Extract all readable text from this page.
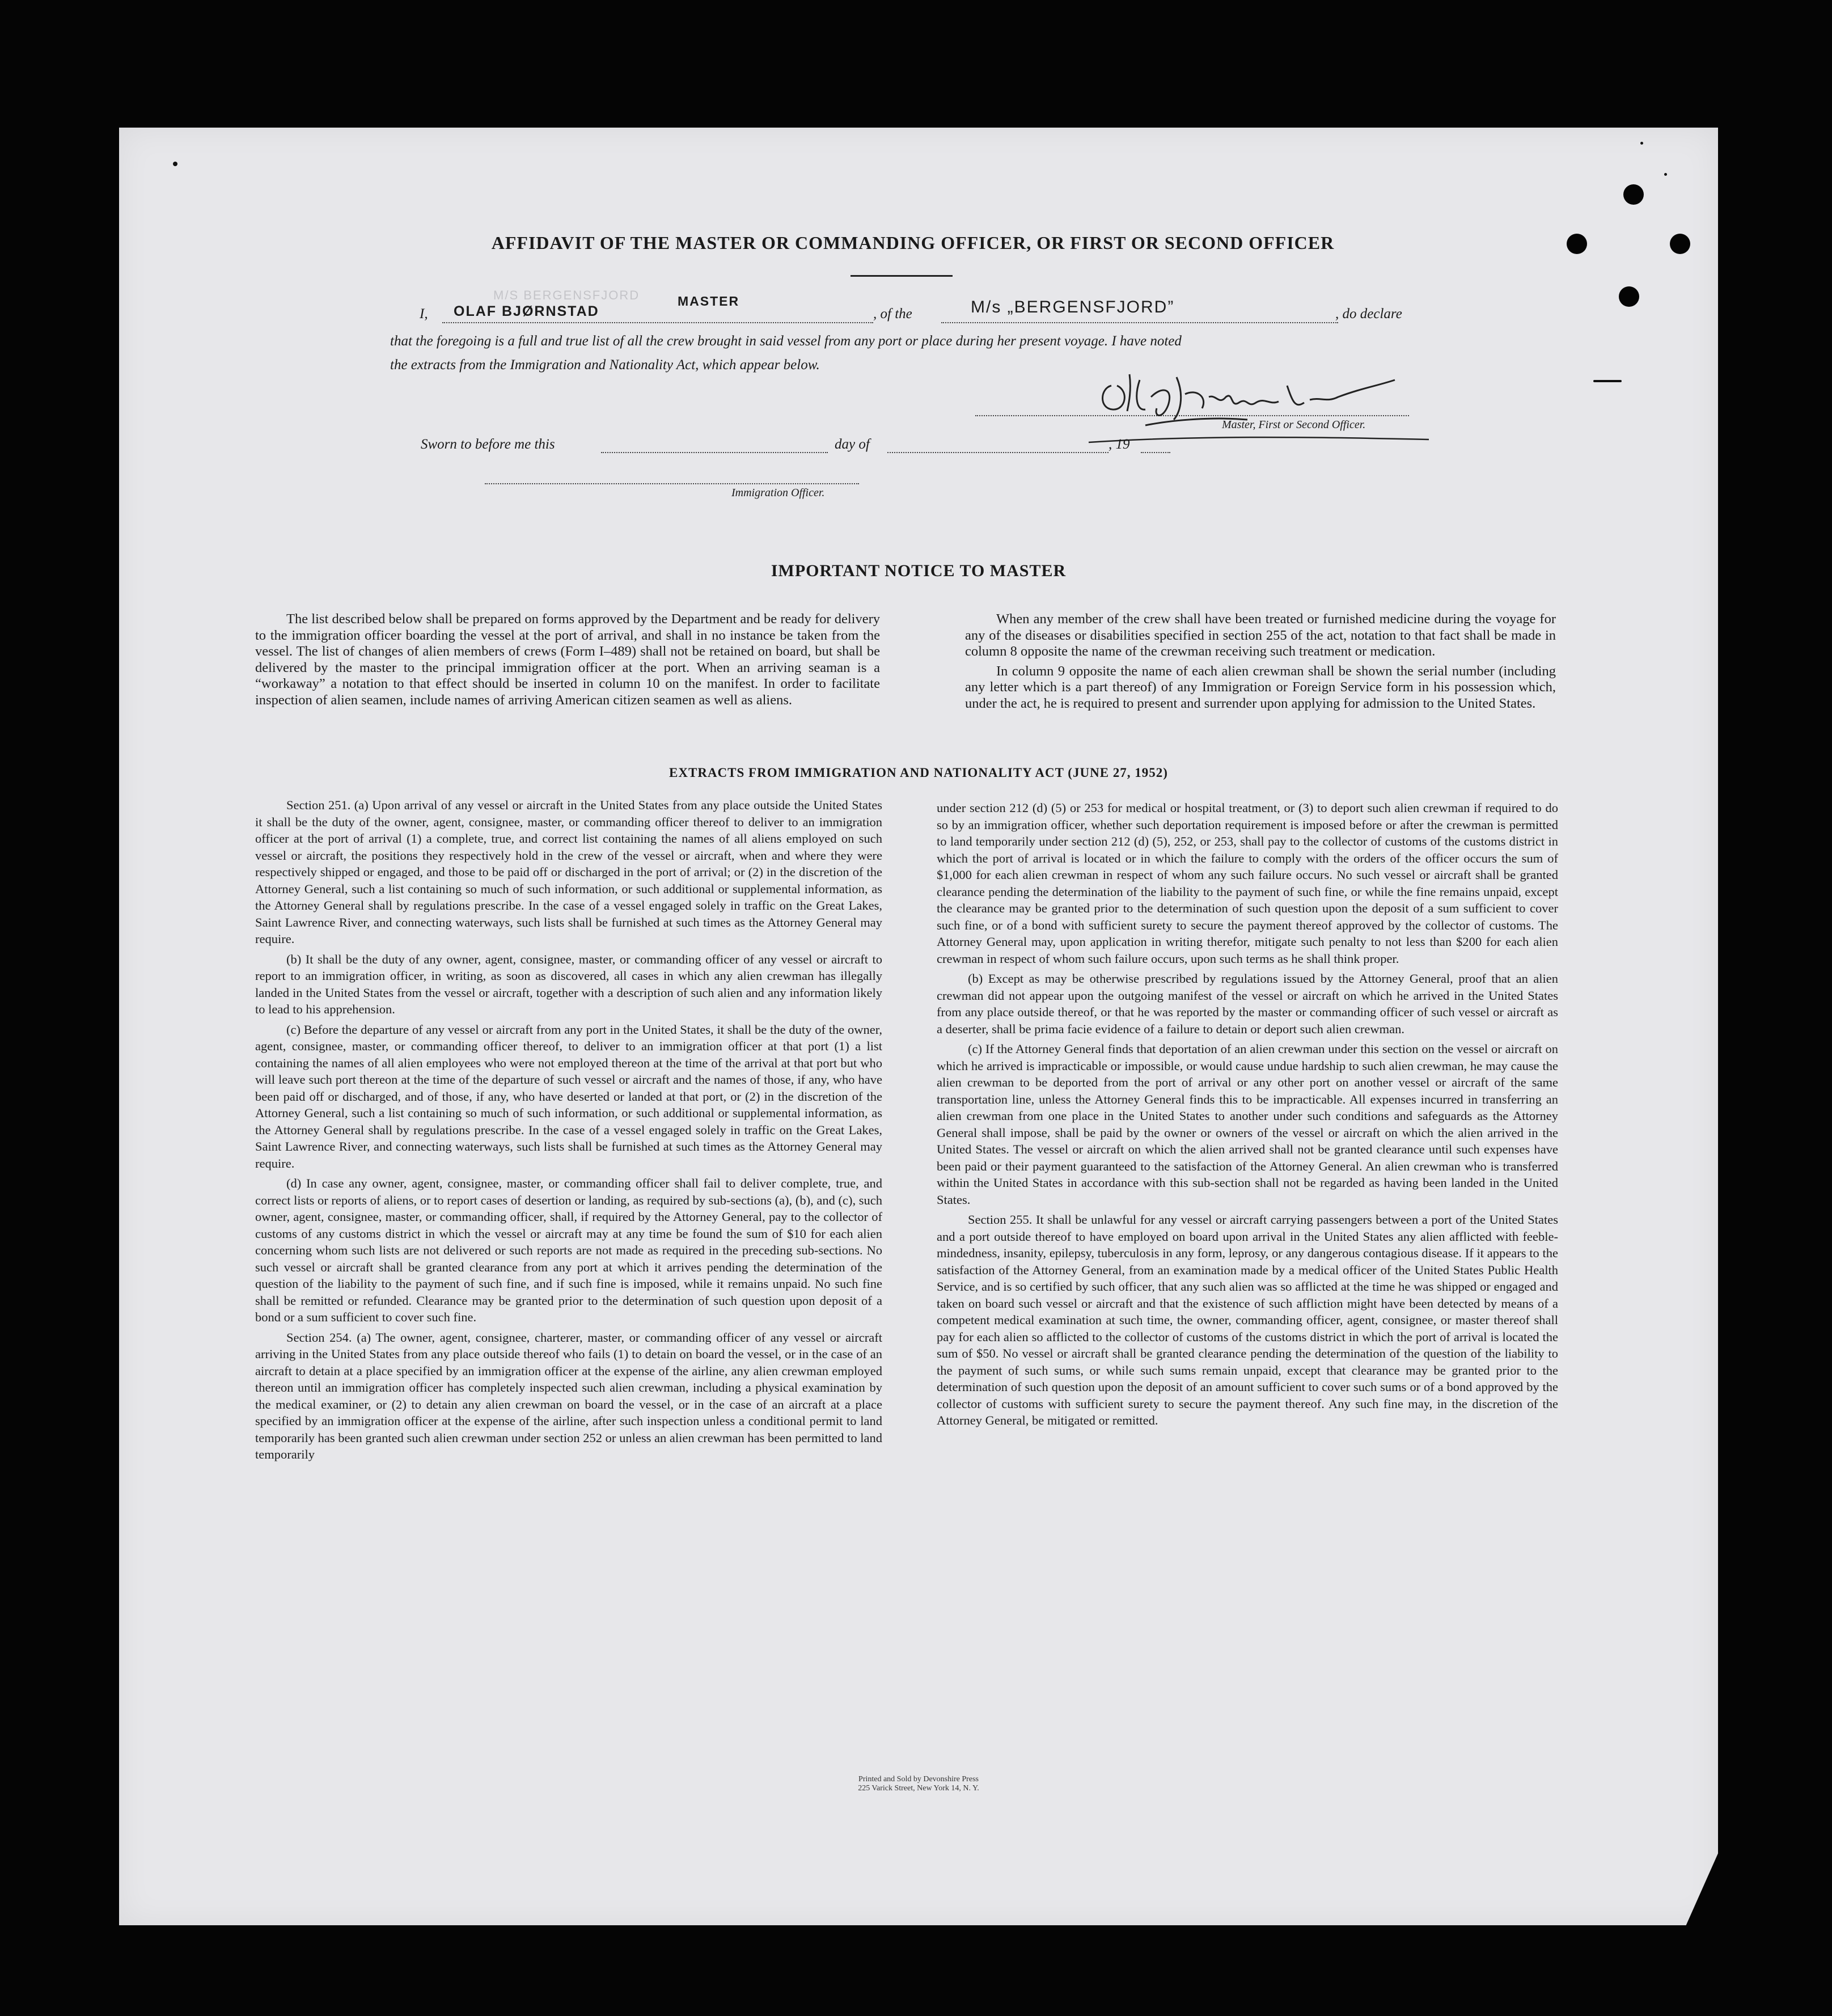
AFFIDAVIT OF THE MASTER OR COMMANDING OFFICER, OR FIRST OR SECOND OFFICER
I,
M/S BERGENSFJORD
OLAF BJØRNSTAD
MASTER
, of the	M/s „BERGENSFJORD”	, do declare
that the foregoing is a full and true list of all the crew brought in said vessel from any port or place during her present voyage. I have noted
the extracts from the Immigration and Nationality Act, which appear below.
Master, First or Second Officer.
Sworn to before me this	day of	, 19
Immigration Officer.
IMPORTANT NOTICE TO MASTER

The list described below shall be prepared on forms approved by the Department and be ready for delivery to the immigration officer boarding the vessel at the port of arrival, and shall in no instance be taken from the vessel. The list of changes of alien members of crews (Form I–489) shall not be retained on board, but shall be delivered by the master to the principal immigration officer at the port. When an arriving seaman is a “workaway” a notation to that effect should be inserted in column 10 on the manifest. In order to facilitate inspection of alien seamen, include names of arriving American citizen seamen as well as aliens.

When any member of the crew shall have been treated or furnished medicine during the voyage for any of the diseases or disabilities specified in section 255 of the act, notation to that fact shall be made in column 8 opposite the name of the crewman receiving such treatment or medication.

In column 9 opposite the name of each alien crewman shall be shown the serial number (including any letter which is a part thereof) of any Immigration or Foreign Service form in his possession which, under the act, he is required to present and surrender upon applying for admission to the United States.

EXTRACTS FROM IMMIGRATION AND NATIONALITY ACT (JUNE 27, 1952)

Section 251. (a) Upon arrival of any vessel or aircraft in the United States from any place outside the United States it shall be the duty of the owner, agent, consignee, master, or commanding officer thereof to deliver to an immigration officer at the port of arrival (1) a complete, true, and correct list containing the names of all aliens employed on such vessel or aircraft, the positions they respectively hold in the crew of the vessel or aircraft, when and where they were respectively shipped or engaged, and those to be paid off or discharged in the port of arrival; or (2) in the discretion of the Attorney General, such a list containing so much of such information, or such additional or supplemental information, as the Attorney General shall by regulations prescribe. In the case of a vessel engaged solely in traffic on the Great Lakes, Saint Lawrence River, and connecting waterways, such lists shall be furnished at such times as the Attorney General may require.

(b) It shall be the duty of any owner, agent, consignee, master, or commanding officer of any vessel or aircraft to report to an immigration officer, in writing, as soon as discovered, all cases in which any alien crewman has illegally landed in the United States from the vessel or aircraft, together with a description of such alien and any information likely to lead to his apprehension.

(c) Before the departure of any vessel or aircraft from any port in the United States, it shall be the duty of the owner, agent, consignee, master, or commanding officer thereof, to deliver to an immigration officer at that port (1) a list containing the names of all alien employees who were not employed thereon at the time of the arrival at that port but who will leave such port thereon at the time of the departure of such vessel or aircraft and the names of those, if any, who have been paid off or discharged, and of those, if any, who have deserted or landed at that port, or (2) in the discretion of the Attorney General, such a list containing so much of such information, or such additional or supplemental information, as the Attorney General shall by regulations prescribe. In the case of a vessel engaged solely in traffic on the Great Lakes, Saint Lawrence River, and connecting waterways, such lists shall be furnished at such times as the Attorney General may require.

(d) In case any owner, agent, consignee, master, or commanding officer shall fail to deliver complete, true, and correct lists or reports of aliens, or to report cases of desertion or landing, as required by sub-sections (a), (b), and (c), such owner, agent, consignee, master, or commanding officer, shall, if required by the Attorney General, pay to the collector of customs of any customs district in which the vessel or aircraft may at any time be found the sum of $10 for each alien concerning whom such lists are not delivered or such reports are not made as required in the preceding sub-sections. No such vessel or aircraft shall be granted clearance from any port at which it arrives pending the determination of the question of the liability to the payment of such fine, and if such fine is imposed, while it remains unpaid. No such fine shall be remitted or refunded. Clearance may be granted prior to the determination of such question upon deposit of a bond or a sum sufficient to cover such fine.

Section 254. (a) The owner, agent, consignee, charterer, master, or commanding officer of any vessel or aircraft arriving in the United States from any place outside thereof who fails (1) to detain on board the vessel, or in the case of an aircraft to detain at a place specified by an immigration officer at the expense of the airline, any alien crewman employed thereon until an immigration officer has completely inspected such alien crewman, including a physical examination by the medical examiner, or (2) to detain any alien crewman on board the vessel, or in the case of an aircraft at a place specified by an immigration officer at the expense of the airline, after such inspection unless a conditional permit to land temporarily has been granted such alien crewman under section 252 or unless an alien crewman has been permitted to land temporarily

under section 212 (d) (5) or 253 for medical or hospital treatment, or (3) to deport such alien crewman if required to do so by an immigration officer, whether such deportation requirement is imposed before or after the crewman is permitted to land temporarily under section 212 (d) (5), 252, or 253, shall pay to the collector of customs of the customs district in which the port of arrival is located or in which the failure to comply with the orders of the officer occurs the sum of $1,000 for each alien crewman in respect of whom any such failure occurs. No such vessel or aircraft shall be granted clearance pending the determination of the liability to the payment of such fine, or while the fine remains unpaid, except the clearance may be granted prior to the determination of such question upon the deposit of a sum sufficient to cover such fine, or of a bond with sufficient surety to secure the payment thereof approved by the collector of customs. The Attorney General may, upon application in writing therefor, mitigate such penalty to not less than $200 for each alien crewman in respect of whom such failure occurs, upon such terms as he shall think proper.

(b) Except as may be otherwise prescribed by regulations issued by the Attorney General, proof that an alien crewman did not appear upon the outgoing manifest of the vessel or aircraft on which he arrived in the United States from any place outside thereof, or that he was reported by the master or commanding officer of such vessel or aircraft as a deserter, shall be prima facie evidence of a failure to detain or deport such alien crewman.

(c) If the Attorney General finds that deportation of an alien crewman under this section on the vessel or aircraft on which he arrived is impracticable or impossible, or would cause undue hardship to such alien crewman, he may cause the alien crewman to be deported from the port of arrival or any other port on another vessel or aircraft of the same transportation line, unless the Attorney General finds this to be impracticable. All expenses incurred in transferring an alien crewman from one place in the United States to another under such conditions and safeguards as the Attorney General shall impose, shall be paid by the owner or owners of the vessel or aircraft on which the alien arrived in the United States. The vessel or aircraft on which the alien arrived shall not be granted clearance until such expenses have been paid or their payment guaranteed to the satisfaction of the Attorney General. An alien crewman who is transferred within the United States in accordance with this sub-section shall not be regarded as having been landed in the United States.

Section 255. It shall be unlawful for any vessel or aircraft carrying passengers between a port of the United States and a port outside thereof to have employed on board upon arrival in the United States any alien afflicted with feeble-mindedness, insanity, epilepsy, tuberculosis in any form, leprosy, or any dangerous contagious disease. If it appears to the satisfaction of the Attorney General, from an examination made by a medical officer of the United States Public Health Service, and is so certified by such officer, that any such alien was so afflicted at the time he was shipped or engaged and taken on board such vessel or aircraft and that the existence of such affliction might have been detected by means of a competent medical examination at such time, the owner, commanding officer, agent, consignee, or master thereof shall pay for each alien so afflicted to the collector of customs of the customs district in which the port of arrival is located the sum of $50. No vessel or aircraft shall be granted clearance pending the determination of the question of the liability to the payment of such sums, or while such sums remain unpaid, except that clearance may be granted prior to the determination of such question upon the deposit of an amount sufficient to cover such sums or of a bond approved by the collector of customs with sufficient surety to secure the payment thereof. Any such fine may, in the discretion of the Attorney General, be mitigated or remitted.

Printed and Sold by Devonshire Press
225 Varick Street, New York 14, N. Y.
